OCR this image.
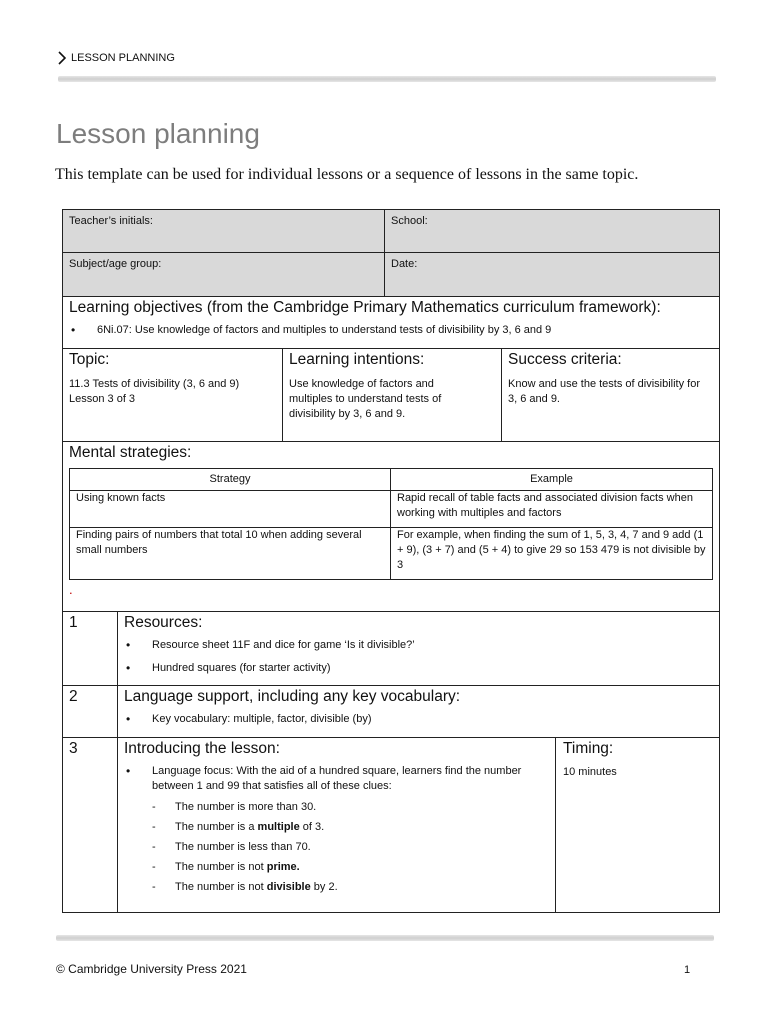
LESSON PLANNING
Lesson planning
This template can be used for individual lessons or a sequence of lessons in the same topic.
Teacher’s initials:	School:
Subject/age group:	Date:
Learning objectives (from the Cambridge Primary Mathematics curriculum framework):
• 6Ni.07: Use knowledge of factors and multiples to understand tests of divisibility by 3, 6 and 9
Topic:
11.3 Tests of divisibility (3, 6 and 9)
Lesson 3 of 3
Learning intentions:
Use knowledge of factors and multiples to understand tests of divisibility by 3, 6 and 9.
Success criteria:
Know and use the tests of divisibility for 3, 6 and 9.
Mental strategies:
Strategy	Example
Using known facts	Rapid recall of table facts and associated division facts when working with multiples and factors
Finding pairs of numbers that total 10 when adding several small numbers	For example, when finding the sum of 1, 5, 3, 4, 7 and 9 add (1 + 9), (3 + 7) and (5 + 4) to give 29 so 153 479 is not divisible by 3
.
1	Resources:
• Resource sheet 11F and dice for game ‘Is it divisible?’
• Hundred squares (for starter activity)
2	Language support, including any key vocabulary:
• Key vocabulary: multiple, factor, divisible (by)
3	Introducing the lesson:
• Language focus: With the aid of a hundred square, learners find the number between 1 and 99 that satisfies all of these clues:
- The number is more than 30.
- The number is a multiple of 3.
- The number is less than 70.
- The number is not prime.
- The number is not divisible by 2.
Timing:
10 minutes
© Cambridge University Press 2021	1
